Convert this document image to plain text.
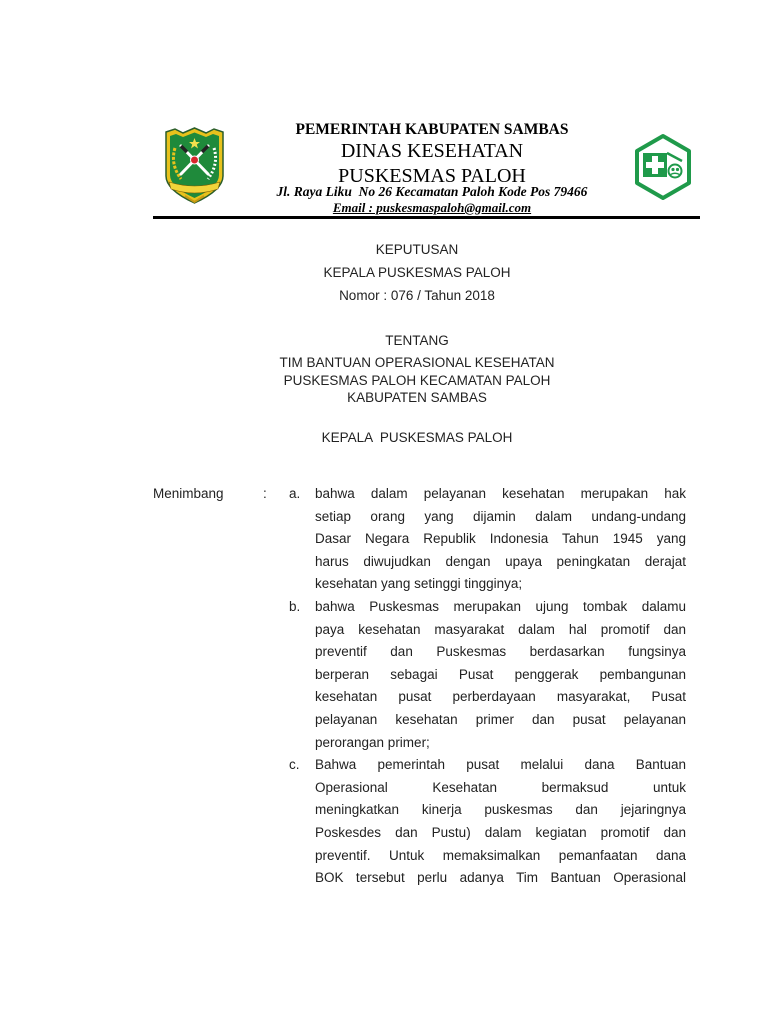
PEMERINTAH KABUPATEN SAMBAS
DINAS KESEHATAN
PUSKESMAS PALOH
Jl. Raya Liku  No 26 Kecamatan Paloh Kode Pos 79466
Email : puskesmaspaloh@gmail.com
KEPUTUSAN
KEPALA PUSKESMAS PALOH
Nomor : 076 / Tahun 2018
TENTANG
TIM BANTUAN OPERASIONAL KESEHATAN
PUSKESMAS PALOH KECAMATAN PALOH
KABUPATEN SAMBAS
KEPALA  PUSKESMAS PALOH
Menimbang	: a. bahwa dalam pelayanan kesehatan merupakan hak
setiap orang yang dijamin dalam undang-undang
Dasar Negara Republik Indonesia Tahun 1945 yang
harus diwujudkan dengan upaya peningkatan derajat
kesehatan yang setinggi tingginya;
b. bahwa Puskesmas merupakan ujung tombak dalamu
paya kesehatan masyarakat dalam hal promotif dan
preventif dan Puskesmas berdasarkan fungsinya
berperan sebagai Pusat penggerak pembangunan
kesehatan pusat perberdayaan masyarakat, Pusat
pelayanan kesehatan primer dan pusat pelayanan
perorangan primer;
c. Bahwa pemerintah pusat melalui dana Bantuan
Operasional Kesehatan bermaksud untuk
meningkatkan kinerja puskesmas dan jejaringnya
Poskesdes dan Pustu) dalam kegiatan promotif dan
preventif. Untuk memaksimalkan pemanfaatan dana
BOK tersebut perlu adanya Tim Bantuan Operasional
